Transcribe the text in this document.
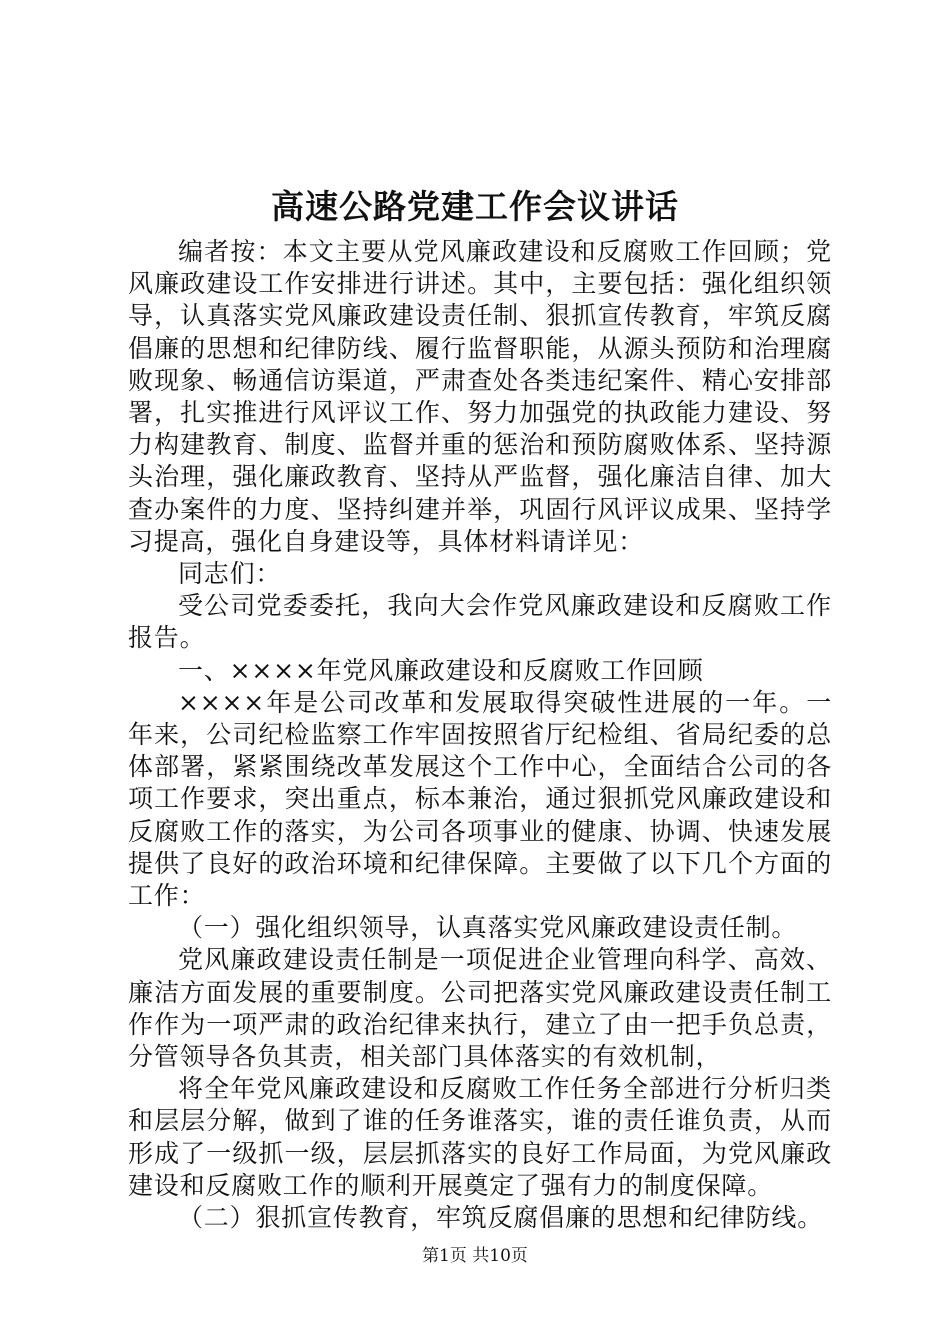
高速公路党建工作会议讲话

编者按：本文主要从党风廉政建设和反腐败工作回顾；党风廉政建设工作安排进行讲述。其中，主要包括：强化组织领导，认真落实党风廉政建设责任制、狠抓宣传教育，牢筑反腐倡廉的思想和纪律防线、履行监督职能，从源头预防和治理腐败现象、畅通信访渠道，严肃查处各类违纪案件、精心安排部署，扎实推进行风评议工作、努力加强党的执政能力建设、努力构建教育、制度、监督并重的惩治和预防腐败体系、坚持源头治理，强化廉政教育、坚持从严监督，强化廉洁自律、加大查办案件的力度、坚持纠建并举，巩固行风评议成果、坚持学习提高，强化自身建设等，具体材料请详见：

同志们：

受公司党委委托，我向大会作党风廉政建设和反腐败工作报告。

一、××××年党风廉政建设和反腐败工作回顾

××××年是公司改革和发展取得突破性进展的一年。一年来，公司纪检监察工作牢固按照省厅纪检组、省局纪委的总体部署，紧紧围绕改革发展这个工作中心，全面结合公司的各项工作要求，突出重点，标本兼治，通过狠抓党风廉政建设和反腐败工作的落实，为公司各项事业的健康、协调、快速发展提供了良好的政治环境和纪律保障。主要做了以下几个方面的工作：

（一）强化组织领导，认真落实党风廉政建设责任制。

党风廉政建设责任制是一项促进企业管理向科学、高效、廉洁方面发展的重要制度。公司把落实党风廉政建设责任制工作作为一项严肃的政治纪律来执行，建立了由一把手负总责，分管领导各负其责，相关部门具体落实的有效机制，

将全年党风廉政建设和反腐败工作任务全部进行分析归类和层层分解，做到了谁的任务谁落实，谁的责任谁负责，从而形成了一级抓一级，层层抓落实的良好工作局面，为党风廉政建设和反腐败工作的顺利开展奠定了强有力的制度保障。

（二）狠抓宣传教育，牢筑反腐倡廉的思想和纪律防线。

第1页 共10页
